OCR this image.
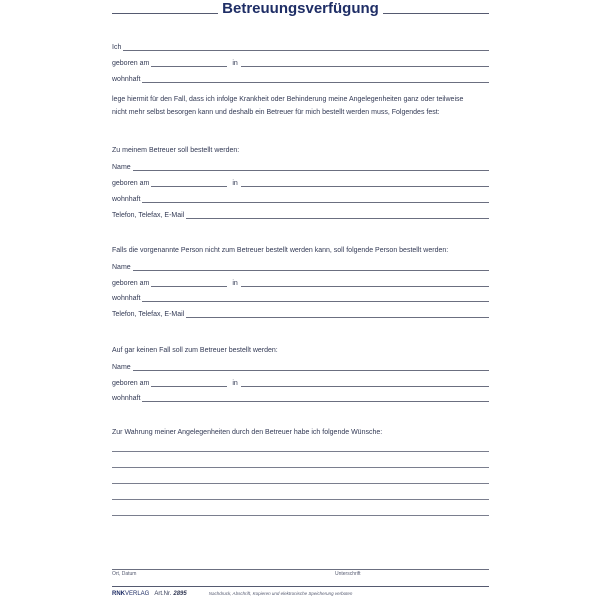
Betreuungsverfügung
Ich
geboren am	in
wohnhaft
lege hiermit für den Fall, dass ich infolge Krankheit oder Behinderung meine Angelegenheiten ganz oder teilweise
nicht mehr selbst besorgen kann und deshalb ein Betreuer für mich bestellt werden muss, Folgendes fest:
Zu meinem Betreuer soll bestellt werden:
Name
geboren am	in
wohnhaft
Telefon, Telefax, E-Mail
Falls die vorgenannte Person nicht zum Betreuer bestellt werden kann, soll folgende Person bestellt werden:
Name
geboren am	in
wohnhaft
Telefon, Telefax, E-Mail
Auf gar keinen Fall soll zum Betreuer bestellt werden:
Name
geboren am	in
wohnhaft
Zur Wahrung meiner Angelegenheiten durch den Betreuer habe ich folgende Wünsche:
Ort, Datum	Unterschrift
RNK VERLAG Art.Nr. 2895	Nachdruck, Abschrift, Kopieren und elektronische Speicherung verboten
